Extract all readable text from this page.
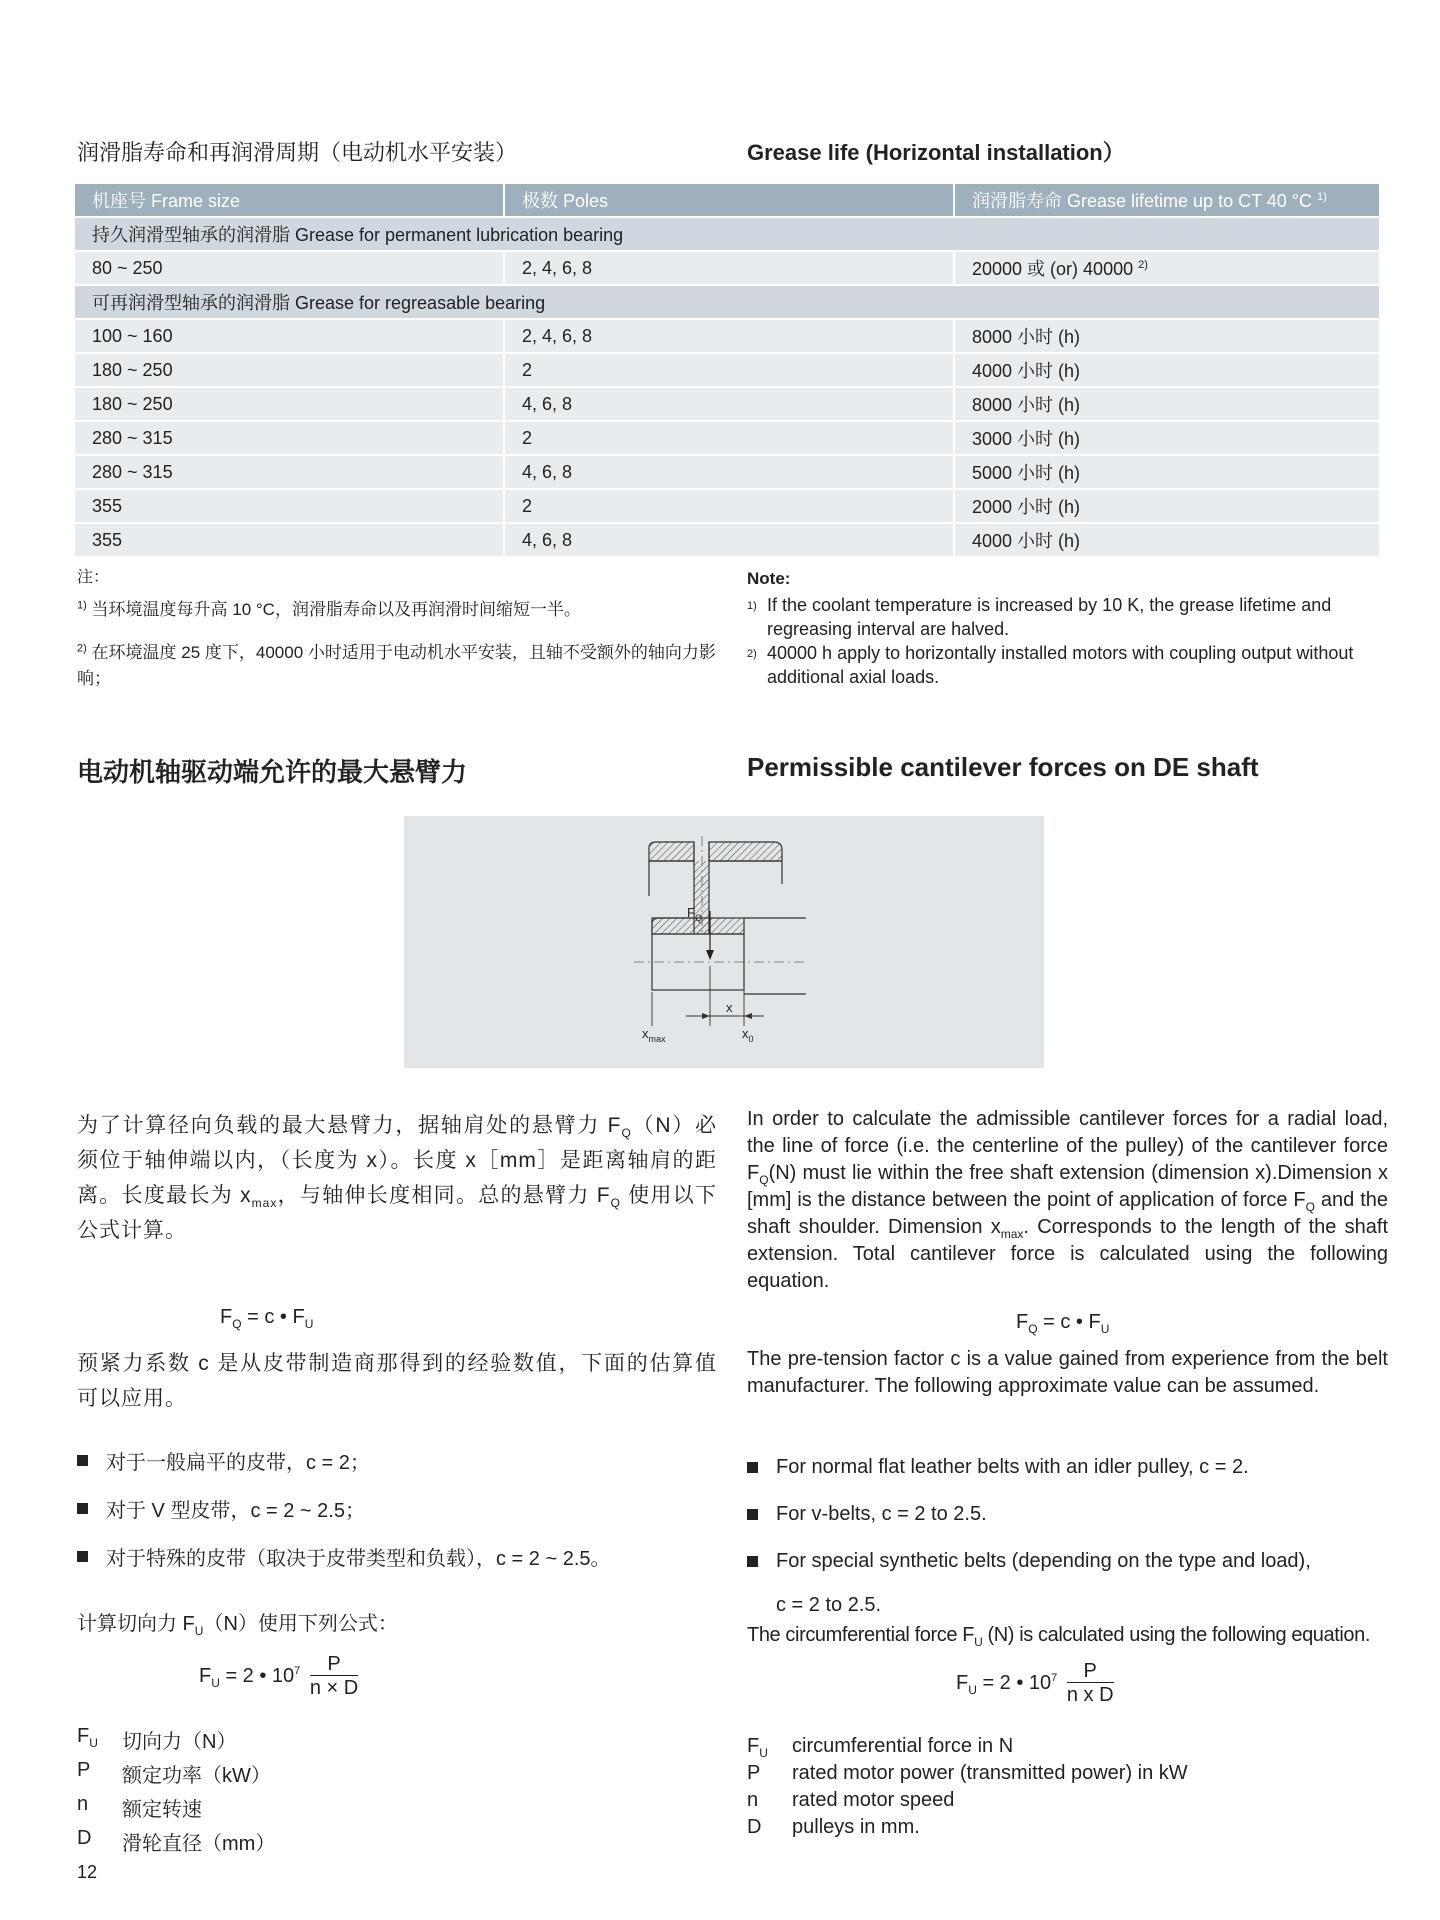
润滑脂寿命和再润滑周期（电动机水平安装）	Grease life (Horizontal installation）
机座号 Frame size	极数 Poles	润滑脂寿命 Grease lifetime up to CT 40 °C $^{1)}$
持久润滑型轴承的润滑脂 Grease for permanent lubrication bearing		
80 ~ 250	2, 4, 6, 8	20000 或 (or) 40000 $^{2)}$
可再润滑型轴承的润滑脂 Grease for regreasable bearing		
100 ~ 160	2, 4, 6, 8	8000 小时 (h)
180 ~ 250	2	4000 小时 (h)
180 ~ 250	4, 6, 8	8000 小时 (h)
280 ~ 315	2	3000 小时 (h)
280 ~ 315	4, 6, 8	5000 小时 (h)
355	2	2000 小时 (h)
355	4, 6, 8	4000 小时 (h)
注：
$^{1)}$ 当环境温度每升高 10 °C，润滑脂寿命以及再润滑时间缩短一半。
$^{2)}$ 在环境温度 25 度下，40000 小时适用于电动机水平安装，且轴不受额外的轴向力影响；
Note:
1) If the coolant temperature is increased by 10 K, the grease lifetime and regreasing interval are halved.
2) 40000 h apply to horizontally installed motors with coupling output without additional axial loads.
电动机轴驱动端允许的最大悬臂力	Permissible cantilever forces on DE shaft
$F_Q$
x
$x_{max}$	$x_0$
为了计算径向负载的最大悬臂力，据轴肩处的悬臂力 $F_Q(N)$必须位于轴伸端以内，（长度为 x）。长度 x［mm］是距离轴肩的距离。长度最长为 $x_{max}$，与轴伸长度相同。总的悬臂力 $F_Q$ 使用以下公式计算。
$F_Q = c$ • $F_U$
预紧力系数 c 是从皮带制造商那得到的经验数值，下面的估算值可以应用。
对于一般扁平的皮带，c = 2；
对于 V 型皮带，c = 2 ~ 2.5；
对于特殊的皮带（取决于皮带类型和负载），c = 2 ~ 2.5。
计算切向力 $F_U(N)$使用下列公式：
$F_U = 2$ • $10^7 \frac{P}{n \times D}$
$F_U$	切向力（N）
P	额定功率（kW）
n	额定转速
D	滑轮直径（mm）
12
In order to calculate the admissible cantilever forces for a radial load, the line of force (i.e. the centerline of the pulley) of the cantilever force $F_Q(N)$ must lie within the free shaft extension (dimension x).Dimension x [mm] is the distance between the point of application of force $F_Q$ and the shaft shoulder. Dimension $x_{max}$. Corresponds to the length of the shaft extension. Total cantilever force is calculated using the following equation.
$F_Q = c$ • $F_U$
The pre-tension factor c is a value gained from experience from the belt manufacturer. The following approximate value can be assumed.
For normal flat leather belts with an idler pulley, c = 2.
For v-belts, c = 2 to 2.5.
For special synthetic belts (depending on the type and load),
c = 2 to 2.5.
The circumferential force $F_U$ (N) is calculated using the following equation.
$F_U = 2$ • $10^7 \frac{P}{\text{n x D}}$
$F_U$	circumferential force in N
P	rated motor power (transmitted power) in kW
n	rated motor speed
D	pulleys in mm.
